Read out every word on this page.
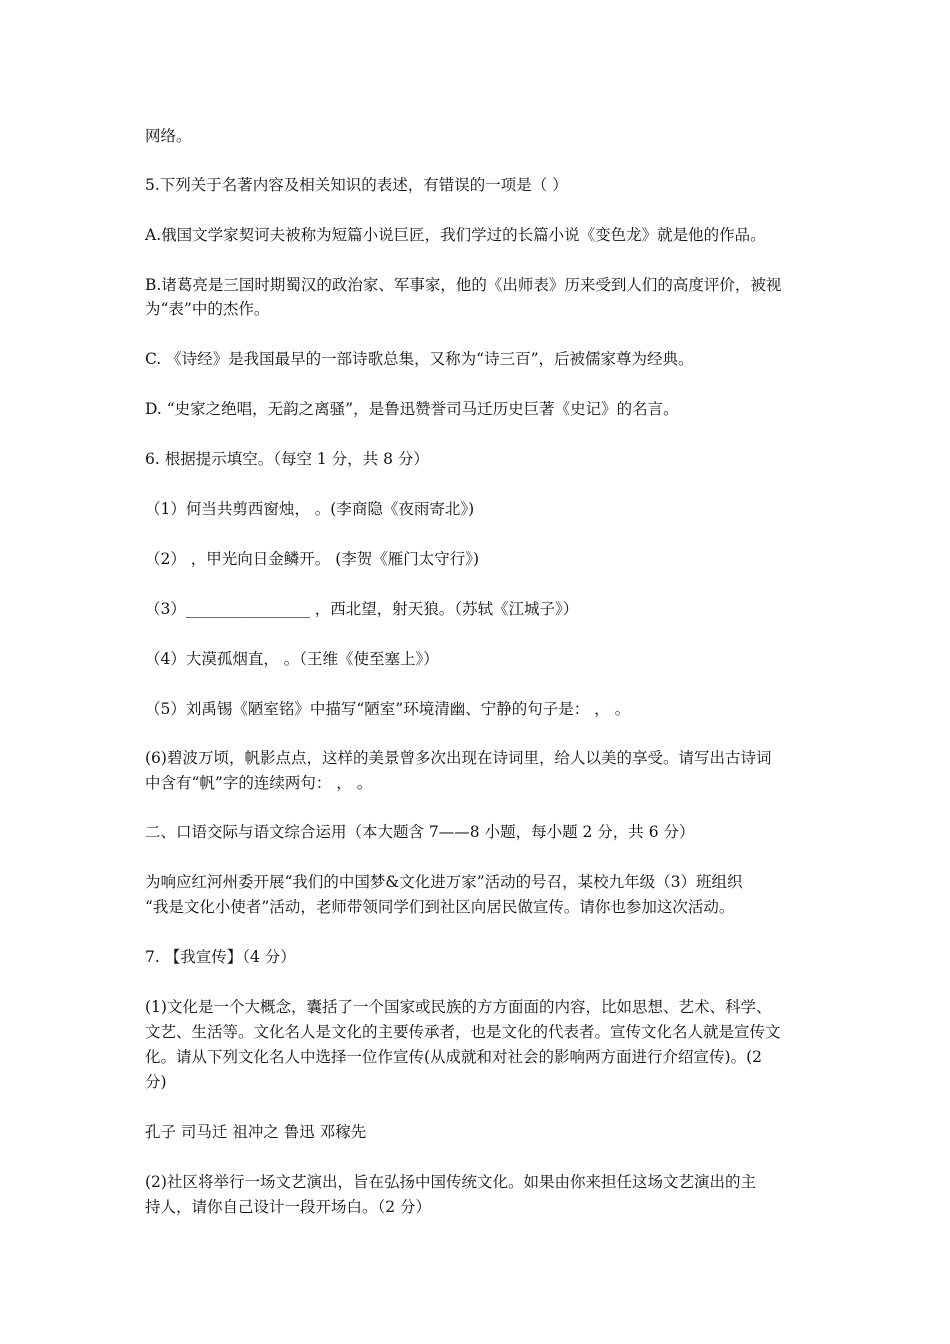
网络。
5.下列关于名著内容及相关知识的表述，有错误的一项是（ ）
A.俄国文学家契诃夫被称为短篇小说巨匠，我们学过的长篇小说《变色龙》就是他的作品。
B.诸葛亮是三国时期蜀汉的政治家、军事家，他的《出师表》历来受到人们的高度评价，被视
为“表”中的杰作。
C. 《诗经》是我国最早的一部诗歌总集，又称为“诗三百”，后被儒家尊为经典。
D. “史家之绝唱，无韵之离骚”，是鲁迅赞誉司马迁历史巨著《史记》的名言。
6. 根据提示填空。（每空 1 分，共 8 分）
（1）何当共剪西窗烛， 。(李商隐《夜雨寄北》)
（2） ，甲光向日金鳞开。 (李贺《雁门太守行》)
（3）________________ ，西北望，射天狼。（苏轼《江城子》）
（4）大漠孤烟直， 。（王维《使至塞上》）
（5）刘禹锡《陋室铭》中描写“陋室”环境清幽、宁静的句子是： ， 。
(6)碧波万顷，帆影点点，这样的美景曾多次出现在诗词里，给人以美的享受。请写出古诗词
中含有“帆”字的连续两句： ， 。
二、口语交际与语文综合运用（本大题含 7——8 小题，每小题 2 分，共 6 分）
为响应红河州委开展“我们的中国梦&文化进万家”活动的号召，某校九年级（3）班组织
“我是文化小使者”活动，老师带领同学们到社区向居民做宣传。请你也参加这次活动。
7. 【我宣传】（4 分）
(1)文化是一个大概念，囊括了一个国家或民族的方方面面的内容，比如思想、艺术、科学、
文艺、生活等。文化名人是文化的主要传承者，也是文化的代表者。宣传文化名人就是宣传文
化。请从下列文化名人中选择一位作宣传(从成就和对社会的影响两方面进行介绍宣传)。(2
分)
孔子 司马迁 祖冲之 鲁迅 邓稼先
(2)社区将举行一场文艺演出，旨在弘扬中国传统文化。如果由你来担任这场文艺演出的主
持人，请你自己设计一段开场白。（2 分）
